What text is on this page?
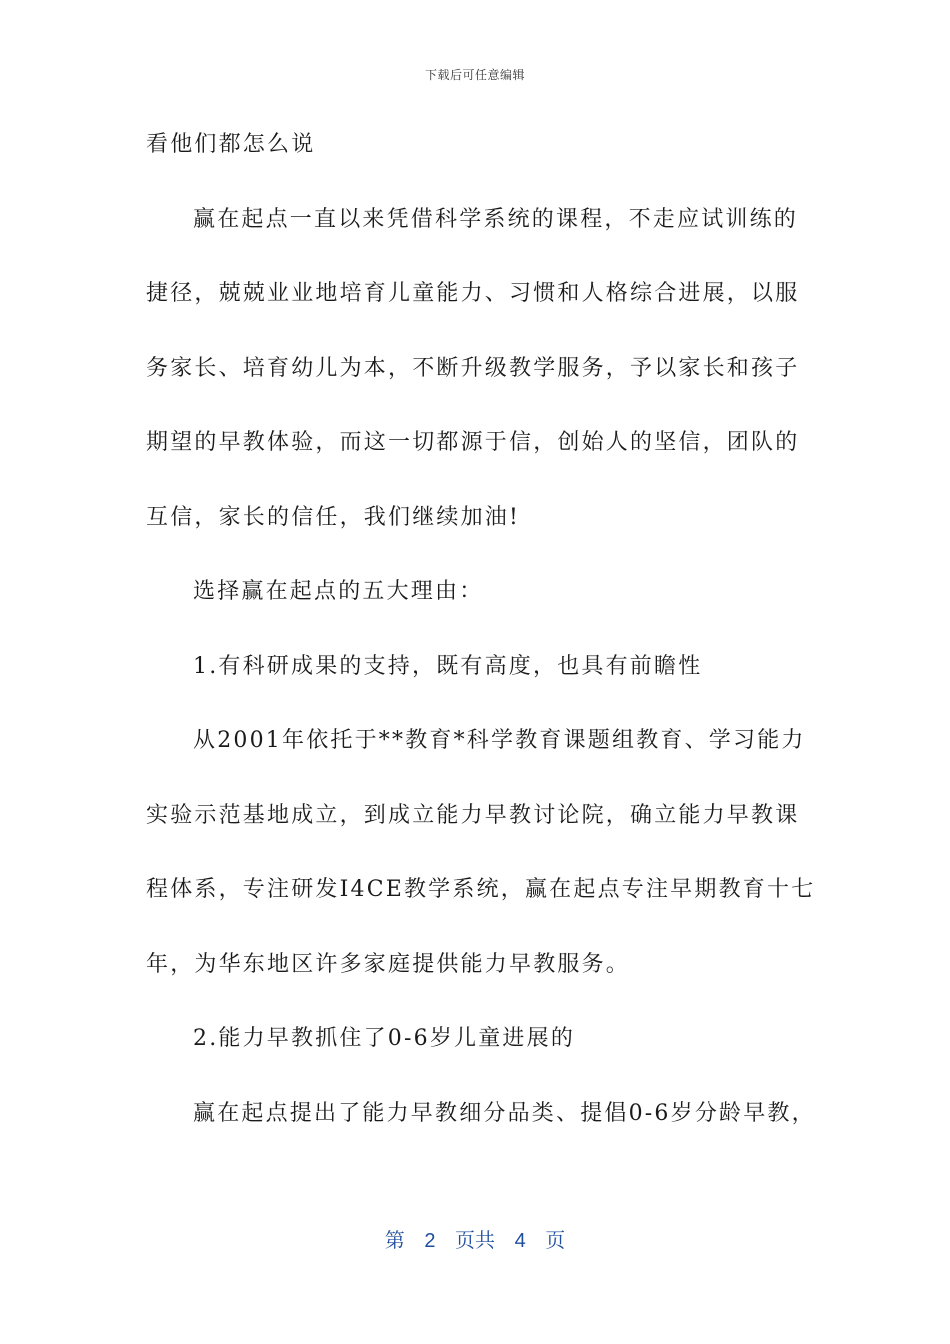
下载后可任意编辑
看他们都怎么说
赢在起点一直以来凭借科学系统的课程，不走应试训练的
捷径，兢兢业业地培育儿童能力、习惯和人格综合进展，以服
务家长、培育幼儿为本，不断升级教学服务，予以家长和孩子
期望的早教体验，而这一切都源于信，创始人的坚信，团队的
互信，家长的信任，我们继续加油!
选择赢在起点的五大理由：
1.有科研成果的支持，既有高度，也具有前瞻性
从2001年依托于**教育*科学教育课题组教育、学习能力
实验示范基地成立，到成立能力早教讨论院，确立能力早教课
程体系，专注研发I4CE教学系统，赢在起点专注早期教育十七
年，为华东地区许多家庭提供能力早教服务。
2.能力早教抓住了0-6岁儿童进展的
赢在起点提出了能力早教细分品类、提倡0-6岁分龄早教，
第 2 页共 4 页
